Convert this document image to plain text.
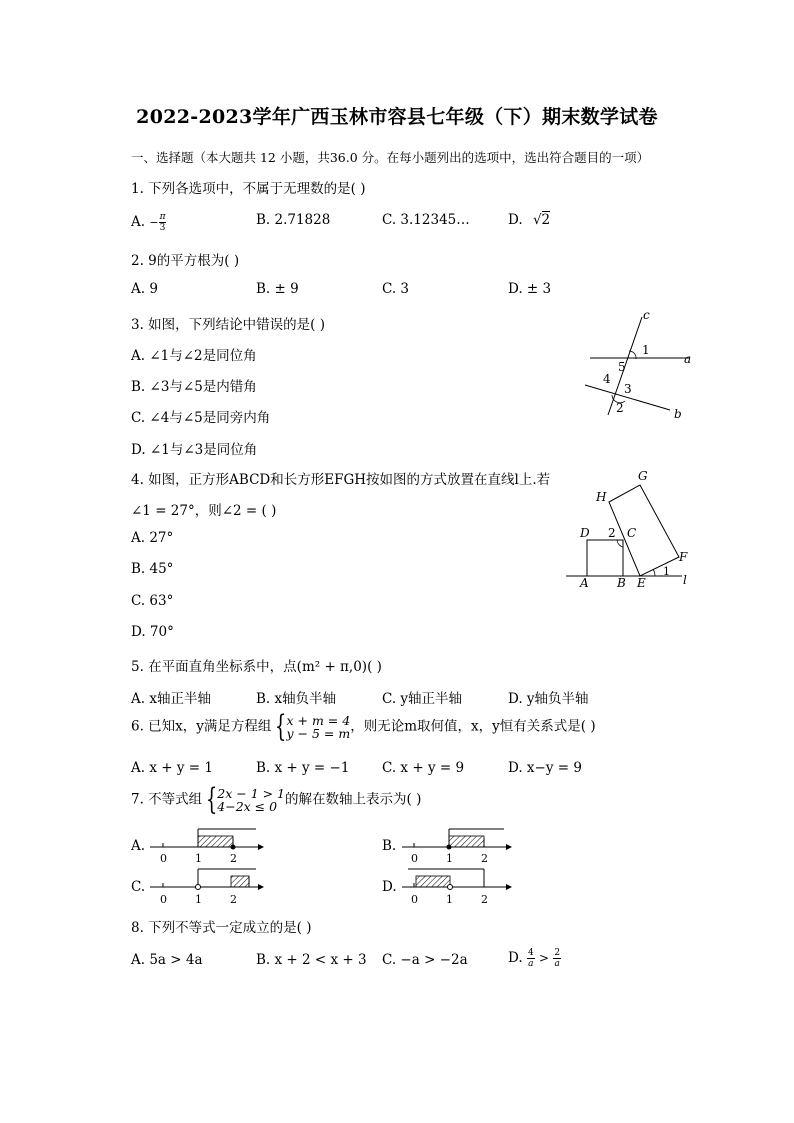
2022-2023学年广西玉林市容县七年级（下）期末数学试卷
一、选择题（本大题共 12 小题，共36.0 分。在每小题列出的选项中，选出符合题目的一项）
1. 下列各选项中，不属于无理数的是( )
A. − $\frac{\pi}{3}$	B. 2.71828	C. 3.12345…	D. √2
2. 9的平方根为( )
A. 9	B. ± 9	C. 3	D. ± 3
3. 如图，下列结论中错误的是( )
A. ∠1与∠2是同位角
B. ∠3与∠5是内错角
C. ∠4与∠5是同旁内角
D. ∠1与∠3是同位角
c
a
b
1
5
4
3
2
4. 如图，正方形ABCD和长方形EFGH按如图的方式放置在直线l上.若
∠1 = 27°，则∠2 = ( )
A. 27°
B. 45°
C. 63°
D. 70°
G
H
D 2 C
F
1
A B E	l
5. 在平面直角坐标系中，点(m² + π,0)( )
A. x轴正半轴	B. x轴负半轴	C. y轴正半轴	D. y轴负半轴
6. 已知x，y满足方程组 { x + m = 4
y − 5 = m ，则无论m取何值，x，y恒有关系式是( )
A. x + y = 1	B. x + y = −1 C. x + y = 9	D. x−y = 9
7. 不等式组 { 2x − 1 > 1
4−2x ≤ 0 的解在数轴上表示为( )
A.	B.
C.	D.
0	1	2	0	1	2
0	1	2	0	1	2
8. 下列不等式一定成立的是( )
A. 5a > 4a	B. x + 2 < x + 3 C. −a > −2a	D. $\frac{4}{a} > \frac{2}{a}$
